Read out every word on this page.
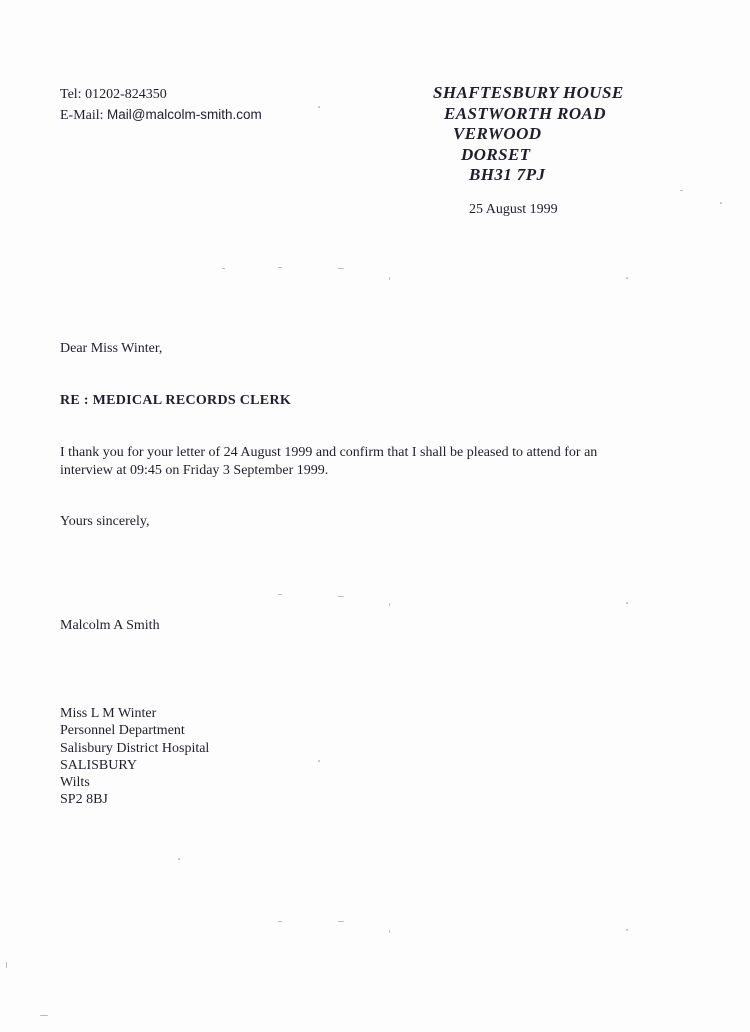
Tel: 01202-824350
E-Mail: Mail@malcolm-smith.com
SHAFTESBURY HOUSE
EASTWORTH ROAD
VERWOOD
DORSET
BH31 7PJ
25 August 1999
Dear Miss Winter,
RE : MEDICAL RECORDS CLERK
I thank you for your letter of 24 August 1999 and confirm that I shall be pleased to attend for an
interview at 09:45 on Friday 3 September 1999.
Yours sincerely,
Malcolm A Smith
Miss L M Winter
Personnel Department
Salisbury District Hospital
SALISBURY
Wilts
SP2 8BJ
